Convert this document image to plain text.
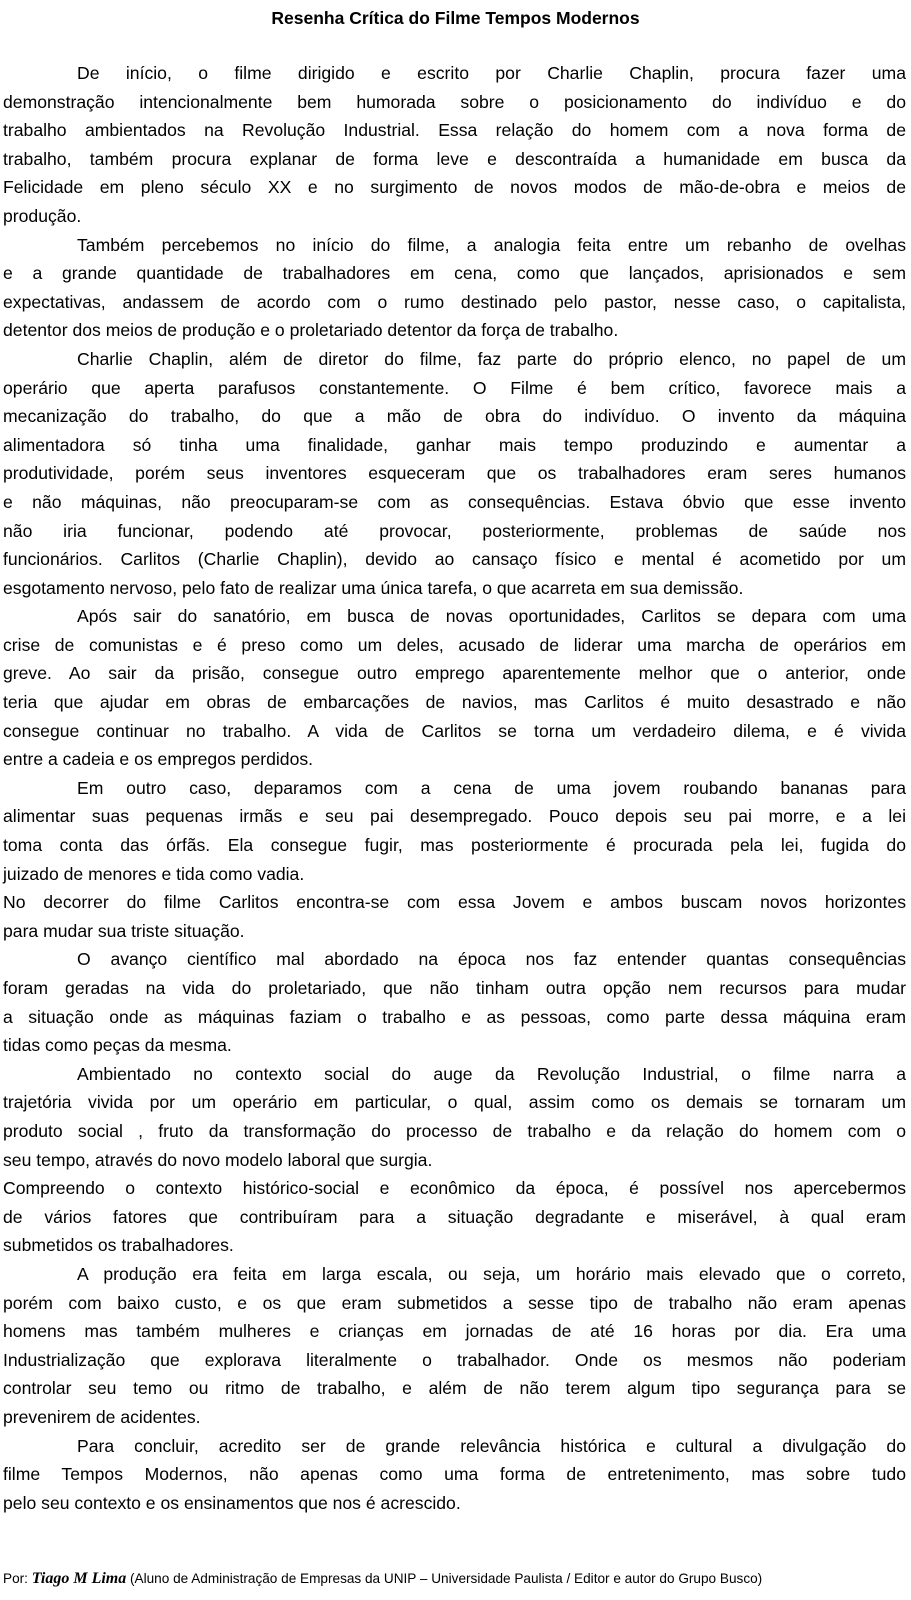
Resenha Crítica do Filme Tempos Modernos
De início, o filme dirigido e escrito por Charlie Chaplin, procura fazer uma
demonstração intencionalmente bem humorada sobre o posicionamento do indivíduo e do
trabalho ambientados na Revolução Industrial. Essa relação do homem com a nova forma de
trabalho, também procura explanar de forma leve e descontraída a humanidade em busca da
Felicidade em pleno século XX e no surgimento de novos modos de mão-de-obra e meios de
produção.
Também percebemos no início do filme, a analogia feita entre um rebanho de ovelhas
e a grande quantidade de trabalhadores em cena, como que lançados, aprisionados e sem
expectativas, andassem de acordo com o rumo destinado pelo pastor, nesse caso, o capitalista,
detentor dos meios de produção e o proletariado detentor da força de trabalho.
Charlie Chaplin, além de diretor do filme, faz parte do próprio elenco, no papel de um
operário que aperta parafusos constantemente. O Filme é bem crítico, favorece mais a
mecanização do trabalho, do que a mão de obra do indivíduo. O invento da máquina
alimentadora só tinha uma finalidade, ganhar mais tempo produzindo e aumentar a
produtividade, porém seus inventores esqueceram que os trabalhadores eram seres humanos
e não máquinas, não preocuparam-se com as consequências. Estava óbvio que esse invento
não iria funcionar, podendo até provocar, posteriormente, problemas de saúde nos
funcionários. Carlitos (Charlie Chaplin), devido ao cansaço físico e mental é acometido por um
esgotamento nervoso, pelo fato de realizar uma única tarefa, o que acarreta em sua demissão.
Após sair do sanatório, em busca de novas oportunidades, Carlitos se depara com uma
crise de comunistas e é preso como um deles, acusado de liderar uma marcha de operários em
greve. Ao sair da prisão, consegue outro emprego aparentemente melhor que o anterior, onde
teria que ajudar em obras de embarcações de navios, mas Carlitos é muito desastrado e não
consegue continuar no trabalho. A vida de Carlitos se torna um verdadeiro dilema, e é vivida
entre a cadeia e os empregos perdidos.
Em outro caso, deparamos com a cena de uma jovem roubando bananas para
alimentar suas pequenas irmãs e seu pai desempregado. Pouco depois seu pai morre, e a lei
toma conta das órfãs. Ela consegue fugir, mas posteriormente é procurada pela lei, fugida do
juizado de menores e tida como vadia.
No decorrer do filme Carlitos encontra-se com essa Jovem e ambos buscam novos horizontes
para mudar sua triste situação.
O avanço científico mal abordado na época nos faz entender quantas consequências
foram geradas na vida do proletariado, que não tinham outra opção nem recursos para mudar
a situação onde as máquinas faziam o trabalho e as pessoas, como parte dessa máquina eram
tidas como peças da mesma.
Ambientado no contexto social do auge da Revolução Industrial, o filme narra a
trajetória vivida por um operário em particular, o qual, assim como os demais se tornaram um
produto social , fruto da transformação do processo de trabalho e da relação do homem com o
seu tempo, através do novo modelo laboral que surgia.
Compreendo o contexto histórico-social e econômico da época, é possível nos apercebermos
de vários fatores que contribuíram para a situação degradante e miserável, à qual eram
submetidos os trabalhadores.
A produção era feita em larga escala, ou seja, um horário mais elevado que o correto,
porém com baixo custo, e os que eram submetidos a sesse tipo de trabalho não eram apenas
homens mas também mulheres e crianças em jornadas de até 16 horas por dia. Era uma
Industrialização que explorava literalmente o trabalhador. Onde os mesmos não poderiam
controlar seu temo ou ritmo de trabalho, e além de não terem algum tipo segurança para se
prevenirem de acidentes.
Para concluir, acredito ser de grande relevância histórica e cultural a divulgação do
filme Tempos Modernos, não apenas como uma forma de entretenimento, mas sobre tudo
pelo seu contexto e os ensinamentos que nos é acrescido.
Por: Tiago M Lima (Aluno de Administração de Empresas da UNIP – Universidade Paulista / Editor e autor do Grupo Busco)
